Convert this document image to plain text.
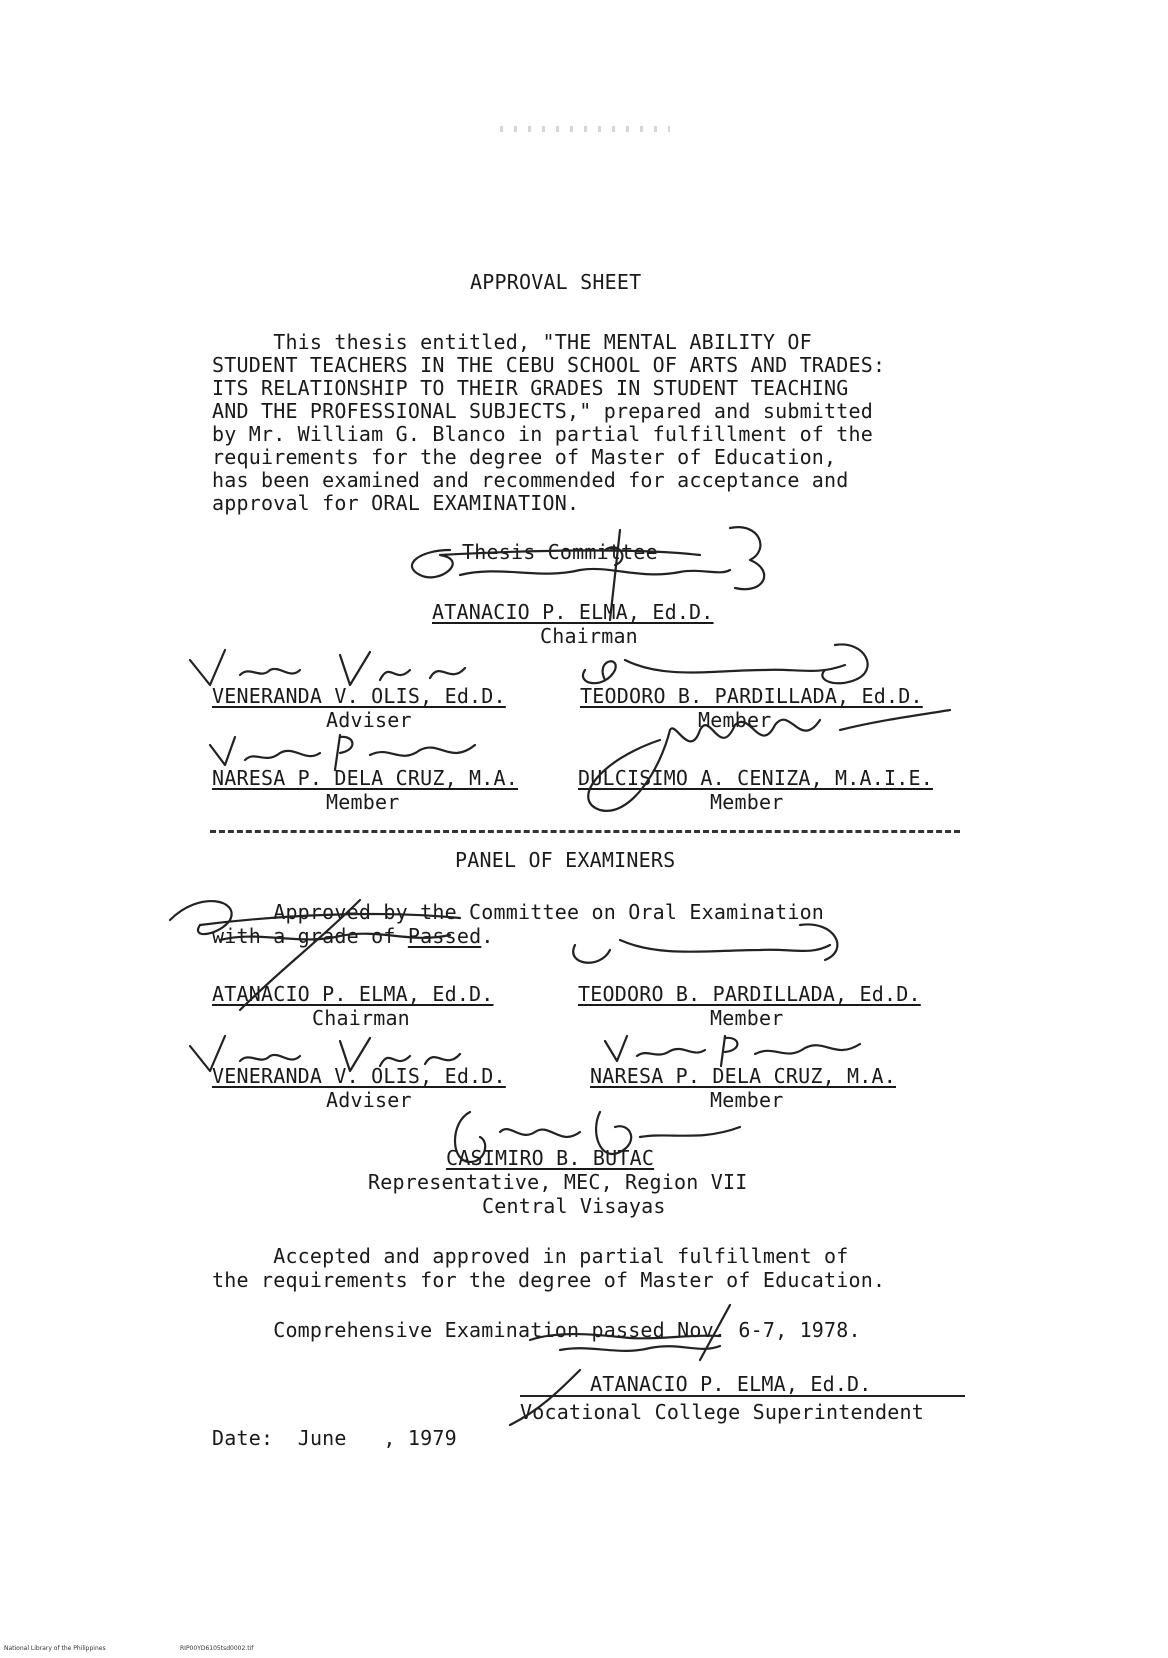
APPROVAL SHEET
This thesis entitled, "THE MENTAL ABILITY OF
STUDENT TEACHERS IN THE CEBU SCHOOL OF ARTS AND TRADES:
ITS RELATIONSHIP TO THEIR GRADES IN STUDENT TEACHING
AND THE PROFESSIONAL SUBJECTS," prepared and submitted
by Mr. William G. Blanco in partial fulfillment of the
requirements for the degree of Master of Education,
has been examined and recommended for acceptance and
approval for ORAL EXAMINATION.
Thesis Committee
ATANACIO P. ELMA, Ed.D.
Chairman
VENERANDA V. OLIS, Ed.D.
Adviser
TEODORO B. PARDILLADA, Ed.D.
Member
NARESA P. DELA CRUZ, M.A.
Member
DULCISIMO A. CENIZA, M.A.I.E.
Member
PANEL OF EXAMINERS
Approved by the Committee on Oral Examination
with a grade of Passed.
ATANACIO P. ELMA, Ed.D.
Chairman
TEODORO B. PARDILLADA, Ed.D.
Member
VENERANDA V. OLIS, Ed.D.
Adviser
NARESA P. DELA CRUZ, M.A.
Member
CASIMIRO B. BUTAC
Representative, MEC, Region VII
Central Visayas
Accepted and approved in partial fulfillment of
the requirements for the degree of Master of Education.
Comprehensive Examination passed Nov. 6-7, 1978.
ATANACIO P. ELMA, Ed.D.
Vocational College Superintendent
Date: June , 1979
National Library of the Philippines	RIP00YD6105tsd0002.tif
